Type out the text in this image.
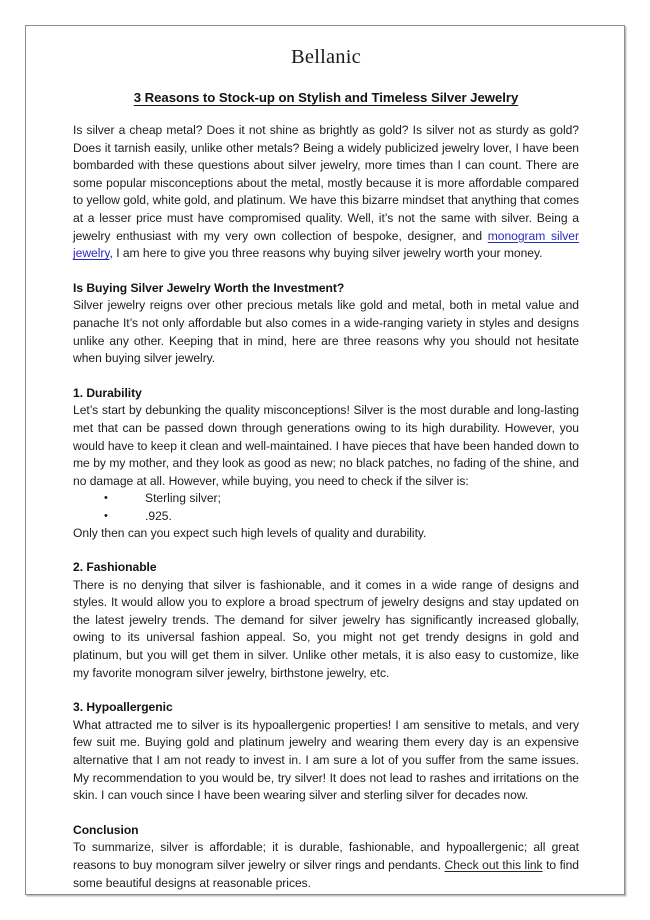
Bellanic
3 Reasons to Stock-up on Stylish and Timeless Silver Jewelry

Is silver a cheap metal? Does it not shine as brightly as gold? Is silver not as sturdy as gold? Does it tarnish easily, unlike other metals? Being a widely publicized jewelry lover, I have been bombarded with these questions about silver jewelry, more times than I can count. There are some popular misconceptions about the metal, mostly because it is more affordable compared to yellow gold, white gold, and platinum. We have this bizarre mindset that anything that comes at a lesser price must have compromised quality. Well, it’s not the same with silver. Being a jewelry enthusiast with my very own collection of bespoke, designer, and monogram silver jewelry, I am here to give you three reasons why buying silver jewelry worth your money.

Is Buying Silver Jewelry Worth the Investment?

Silver jewelry reigns over other precious metals like gold and metal, both in metal value and panache It’s not only affordable but also comes in a wide-ranging variety in styles and designs unlike any other. Keeping that in mind, here are three reasons why you should not hesitate when buying silver jewelry.

1. Durability

Let’s start by debunking the quality misconceptions! Silver is the most durable and long-lasting met that can be passed down through generations owing to its high durability. However, you would have to keep it clean and well-maintained. I have pieces that have been handed down to me by my mother, and they look as good as new; no black patches, no fading of the shine, and no damage at all. However, while buying, you need to check if the silver is:

•	Sterling silver;
•	.925.

Only then can you expect such high levels of quality and durability.

2. Fashionable

There is no denying that silver is fashionable, and it comes in a wide range of designs and styles. It would allow you to explore a broad spectrum of jewelry designs and stay updated on the latest jewelry trends. The demand for silver jewelry has significantly increased globally, owing to its universal fashion appeal. So, you might not get trendy designs in gold and platinum, but you will get them in silver. Unlike other metals, it is also easy to customize, like my favorite monogram silver jewelry, birthstone jewelry, etc.

3. Hypoallergenic

What attracted me to silver is its hypoallergenic properties! I am sensitive to metals, and very few suit me. Buying gold and platinum jewelry and wearing them every day is an expensive alternative that I am not ready to invest in. I am sure a lot of you suffer from the same issues. My recommendation to you would be, try silver! It does not lead to rashes and irritations on the skin. I can vouch since I have been wearing silver and sterling silver for decades now.

Conclusion

To summarize, silver is affordable; it is durable, fashionable, and hypoallergenic; all great reasons to buy monogram silver jewelry or silver rings and pendants. Check out this link to find some beautiful designs at reasonable prices.
